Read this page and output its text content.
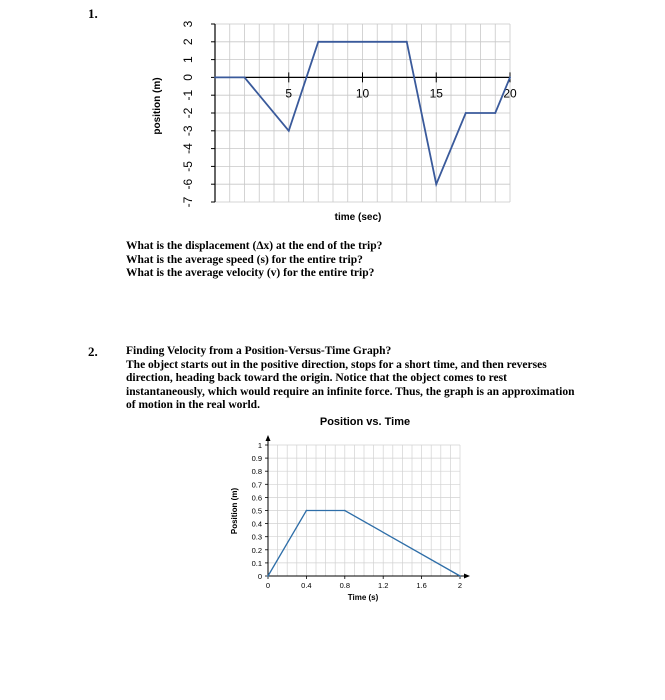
1.
3
2
1
0
-1
-2
-3
-4
-5
-6
-7
5	10	15	20
position (m)
time (sec)
What is the displacement (Δx) at the end of the trip?
What is the average speed (s) for the entire trip?
What is the average velocity (v) for the entire trip?
2. Finding Velocity from a Position-Versus-Time Graph?
The object starts out in the positive direction, stops for a short time, and then reverses direction, heading back toward the origin. Notice that the object comes to rest instantaneously, which would require an infinite force. Thus, the graph is an approximation of motion in the real world.
Position vs. Time
0
0.1
0.2
0.3
0.4
0.5
0.6
0.7
0.8
0.9
1
0	0.4	0.8	1.2	1.6	2
Position (m)
Time (s)
